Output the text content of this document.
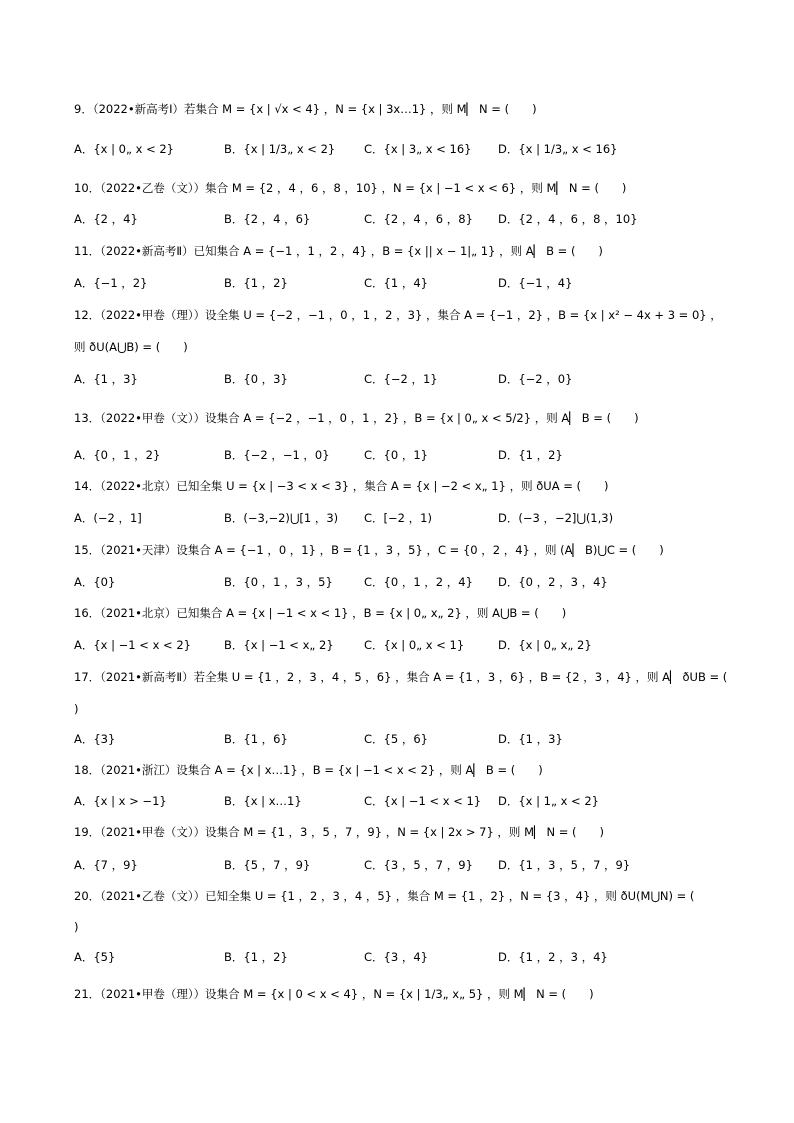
9．（2022•新高考Ⅰ）若集合 M = {x | √x < 4} ，N = {x | 3x…1} ，则 M▏ N = (　　)
A．{x | 0„ x < 2}	B．{x | 1/3„ x < 2}	C．{x | 3„ x < 16} D．{x | 1/3„ x < 16}
10．（2022•乙卷（文））集合 M = {2 ，4 ，6 ，8 ，10} ，N = {x | −1 < x < 6} ，则 M▏ N = (　　)
A．{2 ，4}	B．{2 ，4 ，6}	C．{2 ，4 ，6 ，8} D．{2 ，4 ，6 ，8 ，10}
11．（2022•新高考Ⅱ）已知集合 A = {−1 ，1 ，2 ，4} ，B = {x || x − 1|„ 1} ，则 A▏ B = (　　)
A．{−1 ，2}	B．{1 ，2}	C．{1 ，4}	D．{−1 ，4}
12．（2022•甲卷（理））设全集 U = {−2 ，−1 ，0 ，1 ，2 ，3} ，集合 A = {−1 ，2} ，B = {x | x² − 4x + 3 = 0} ，
则 ðU(A⋃B) = (　　)
A．{1 ，3}	B．{0 ，3}	C．{−2 ，1}	D．{−2 ，0}
13．（2022•甲卷（文））设集合 A = {−2 ，−1 ，0 ，1 ，2} ，B = {x | 0„ x < 5/2} ，则 A▏ B = (　　)
A．{0 ，1 ，2}	B．{−2 ，−1 ，0}	C．{0 ，1}	D．{1 ，2}
14．（2022•北京）已知全集 U = {x | −3 < x < 3} ，集合 A = {x | −2 < x„ 1} ，则 ðUA = (　　)
A．(−2 ，1]	B．(−3,−2)⋃[1 ，3) C．[−2 ，1)	D．(−3 ，−2]⋃(1,3)
15．（2021•天津）设集合 A = {−1 ，0 ，1} ，B = {1 ，3 ，5} ，C = {0 ，2 ，4} ，则 (A▏ B)⋃C = (　　)
A．{0}	B．{0 ，1 ，3 ，5}	C．{0 ，1 ，2 ，4} D．{0 ，2 ，3 ，4}
16．（2021•北京）已知集合 A = {x | −1 < x < 1} ，B = {x | 0„ x„ 2} ，则 A⋃B = (　　)
A．{x | −1 < x < 2}	B．{x | −1 < x„ 2}	C．{x | 0„ x < 1}	D．{x | 0„ x„ 2}
17．（2021•新高考Ⅱ）若全集 U = {1 ，2 ，3 ，4 ，5 ，6} ，集合 A = {1 ，3 ，6} ，B = {2 ，3 ，4} ，则 A▏ ðUB = (
)
A．{3}	B．{1 ，6}	C．{5 ，6}	D．{1 ，3}
18．（2021•浙江）设集合 A = {x | x…1} ，B = {x | −1 < x < 2} ，则 A▏ B = (　　)
A．{x | x > −1}	B．{x | x…1}	C．{x | −1 < x < 1} D．{x | 1„ x < 2}
19．（2021•甲卷（文））设集合 M = {1 ，3 ，5 ，7 ，9} ，N = {x | 2x > 7} ，则 M▏ N = (　　)
A．{7 ，9}	B．{5 ，7 ，9}	C．{3 ，5 ，7 ，9} D．{1 ，3 ，5 ，7 ，9}
20．（2021•乙卷（文））已知全集 U = {1 ，2 ，3 ，4 ，5} ，集合 M = {1 ，2} ，N = {3 ，4} ，则 ðU(M⋃N) = (
)
A．{5}	B．{1 ，2}	C．{3 ，4}	D．{1 ，2 ，3 ，4}
21．（2021•甲卷（理））设集合 M = {x | 0 < x < 4} ，N = {x | 1/3„ x„ 5} ，则 M▏ N = (　　)
